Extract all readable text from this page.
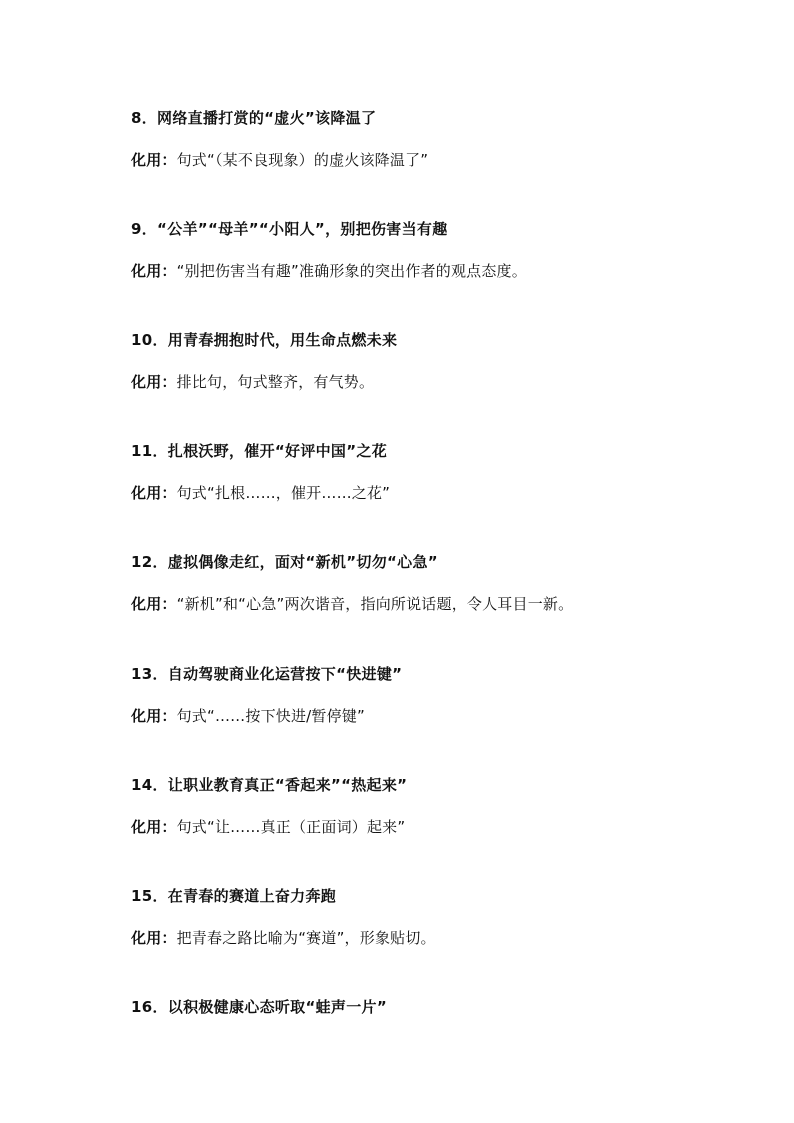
8．网络直播打赏的“虚火”该降温了
化用：句式“（某不良现象）的虚火该降温了”
9．“公羊”“母羊”“小阳人”，别把伤害当有趣
化用：“别把伤害当有趣”准确形象的突出作者的观点态度。
10．用青春拥抱时代，用生命点燃未来
化用：排比句，句式整齐，有气势。
11．扎根沃野，催开“好评中国”之花
化用：句式“扎根……，催开……之花”
12．虚拟偶像走红，面对“新机”切勿“心急”
化用：“新机”和“心急”两次谐音，指向所说话题，令人耳目一新。
13．自动驾驶商业化运营按下“快进键”
化用：句式“……按下快进/暂停键”
14．让职业教育真正“香起来”“热起来”
化用：句式“让……真正（正面词）起来”
15．在青春的赛道上奋力奔跑
化用：把青春之路比喻为“赛道”，形象贴切。
16．以积极健康心态听取“蛙声一片”
